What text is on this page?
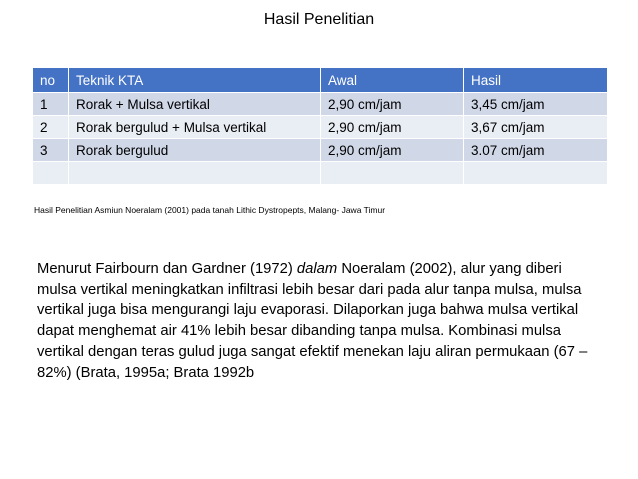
Hasil Penelitian
no	Teknik KTA	Awal	Hasil
1	Rorak + Mulsa vertikal	2,90 cm/jam	3,45 cm/jam
2	Rorak bergulud + Mulsa vertikal	2,90 cm/jam	3,67 cm/jam
3	Rorak bergulud	2,90 cm/jam	3.07 cm/jam

Hasil Penelitian Asmiun Noeralam (2001) pada tanah Lithic Dystropepts, Malang- Jawa Timur

Menurut Fairbourn dan Gardner (1972) dalam Noeralam (2002), alur yang diberi mulsa vertikal meningkatkan infiltrasi lebih besar dari pada alur tanpa mulsa, mulsa vertikal juga bisa mengurangi laju evaporasi. Dilaporkan juga bahwa mulsa vertikal dapat menghemat air 41% lebih besar dibanding tanpa mulsa. Kombinasi mulsa vertikal dengan teras gulud juga sangat efektif menekan laju aliran permukaan (67 – 82%) (Brata, 1995a; Brata 1992b
